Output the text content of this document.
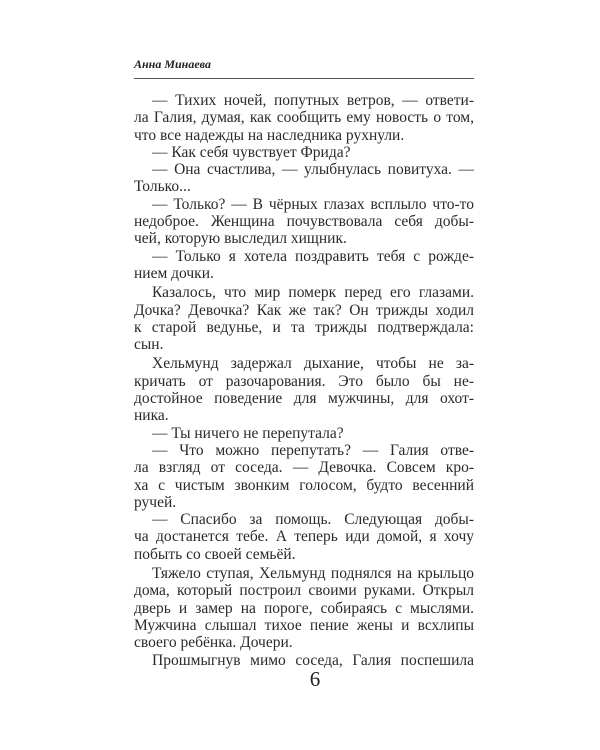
Анна Минаева
— Тихих ночей, попутных ветров, — ответи-
ла Галия, думая, как сообщить ему новость о том,
что все надежды на наследника рухнули.
— Как себя чувствует Фрида?
— Она счастлива, — улыбнулась повитуха. —
Только...
— Только? — В чёрных глазах всплыло что-то
недоброе. Женщина почувствовала себя добы-
чей, которую выследил хищник.
— Только я хотела поздравить тебя с рожде-
нием дочки.
Казалось, что мир померк перед его глазами.
Дочка? Девочка? Как же так? Он трижды ходил
к старой ведунье, и та трижды подтверждала:
сын.
Хельмунд задержал дыхание, чтобы не за-
кричать от разочарования. Это было бы не-
достойное поведение для мужчины, для охот-
ника.
— Ты ничего не перепутала?
— Что можно перепутать? — Галия отве-
ла взгляд от соседа. — Девочка. Совсем кро-
ха с чистым звонким голосом, будто весенний
ручей.
— Спасибо за помощь. Следующая добы-
ча достанется тебе. А теперь иди домой, я хочу
побыть со своей семьёй.
Тяжело ступая, Хельмунд поднялся на крыльцо
дома, который построил своими руками. Открыл
дверь и замер на пороге, собираясь с мыслями.
Мужчина слышал тихое пение жены и всхлипы
своего ребёнка. Дочери.
Прошмыгнув мимо соседа, Галия поспешила
6
